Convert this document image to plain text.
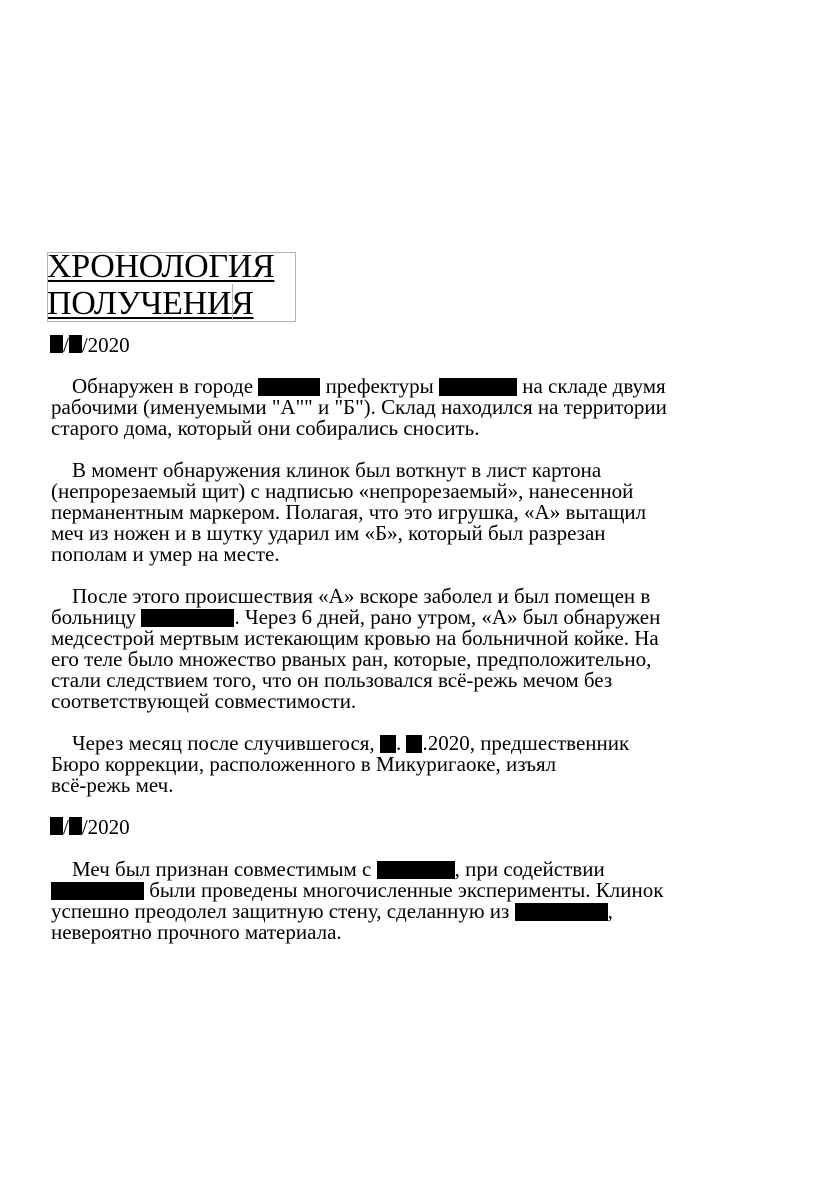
ХРОНОЛОГИЯ
ПОЛУЧЕНИЯ
/ /2020
Обнаружен в городе	префектуры	на складе двумя
рабочими (именуемыми "А"" и "Б"). Склад находился на территории
старого дома, который они собирались сносить.
В момент обнаружения клинок был воткнут в лист картона
(непрорезаемый щит) с надписью «непрорезаемый», нанесенной
перманентным маркером. Полагая, что это игрушка, «А» вытащил
меч из ножен и в шутку ударил им «Б», который был разрезан
пополам и умер на месте.
После этого происшествия «А» вскоре заболел и был помещен в
больницу	. Через 6 дней, рано утром, «А» был обнаружен
медсестрой мертвым истекающим кровью на больничной койке. На
его теле было множество рваных ран, которые, предположительно,
стали следствием того, что он пользовался всё-режь мечом без
соответствующей совместимости.
Через месяц после случившегося, . .2020, предшественник
Бюро коррекции, расположенного в Микуригаоке, изъял
всё-режь меч.
/ /2020
Меч был признан совместимым с	, при содействии
были проведены многочисленные эксперименты. Клинок
успешно преодолел защитную стену, сделанную из	,
невероятно прочного материала.
